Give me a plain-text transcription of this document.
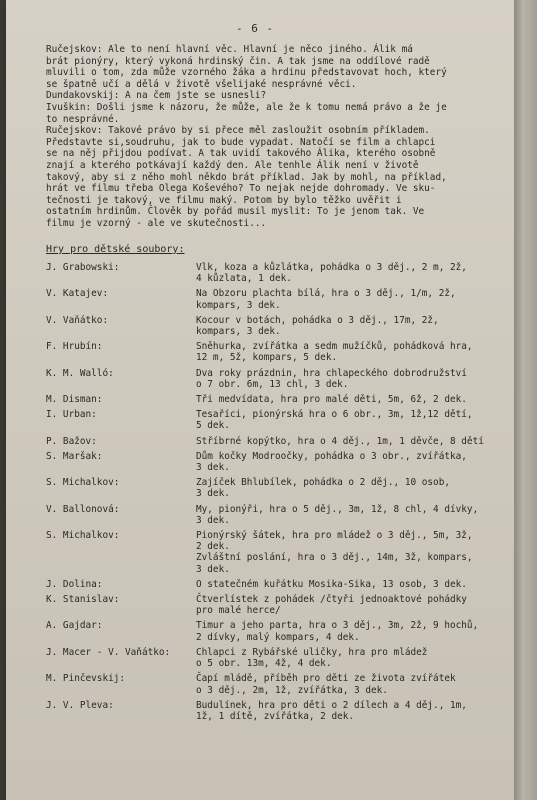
- 6 -
Ručejskov: Ale to není hlavní věc. Hlavní je něco jiného. Álik má
brát pionýry, který vykoná hrdinský čin. A tak jsme na oddílové radě
mluvili o tom, zda může vzorného žáka a hrdinu představovat hoch, který
se špatně učí a dělá v životě všelijaké nesprávné věci.
Dundakovskij: A na čem jste se usnesli?
Ivuškin: Došli jsme k názoru, že může, ale že k tomu nemá právo a že je
to nesprávné.
Ručejskov: Takové právo by si přece měl zasloužit osobním příkladem.
Představte si,soudruhu, jak to bude vypadat. Natočí se film a chlapci
se na něj přijdou podívat. A tak uvidí takového Álika, kterého osobně
znají a kterého potkávají každý den. Ale tenhle Álik není v životě
takový, aby si z něho mohl někdo brát příklad. Jak by mohl, na příklad,
hrát ve filmu třeba Olega Koševého? To nejak nejde dohromady. Ve sku-
tečnosti je takový, ve filmu maký. Potom by bylo těžko uvěřit i
ostatním hrdinům. Člověk by pořád musil myslit: To je jenom tak. Ve
filmu je vzorný - ale ve skutečnosti...
Hry pro dětské soubory:
J. Grabowski:	Vlk, koza a kůzlátka, pohádka o 3 děj., 2 m, 2ž,
4 kůzlata, 1 dek.
V. Katajev:	Na Obzoru plachta bílá, hra o 3 děj., 1/m, 2ž,
kompars, 3 dek.
V. Vaňátko:	Kocour v botách, pohádka o 3 děj., 17m, 2ž,
kompars, 3 dek.
F. Hrubín:	Sněhurka, zvířátka a sedm mužíčků, pohádková hra,
12 m, 5ž, kompars, 5 dek.
K. M. Walló:	Dva roky prázdnin, hra chlapeckého dobrodružství
o 7 obr. 6m, 13 chl, 3 dek.
M. Disman:	Tři medvídata, hra pro malé děti, 5m, 6ž, 2 dek.
I. Urban:	Tesaříci, pionýrská hra o 6 obr., 3m, 1ž,12 dětí,
5 dek.
P. Bažov:	Stříbrné kopýtko, hra o 4 děj., 1m, 1 děvče, 8 dětí
S. Maršak:	Dům kočky Modroočky, pohádka o 3 obr., zvířátka,
3 dek.
S. Michalkov:	Zajíček Bhlubílek, pohádka o 2 děj., 10 osob,
3 dek.
V. Ballonová:	My, pionýři, hra o 5 děj., 3m, 1ž, 8 chl, 4 dívky,
3 dek.
S. Michalkov:	Pionýrský šátek, hra pro mládež o 3 děj., 5m, 3ž,
2 dek.
Zvláštní poslání, hra o 3 děj., 14m, 3ž, kompars,
3 dek.
J. Dolina:	O statečném kuřátku Mosika-Sika, 13 osob, 3 dek.
K. Stanislav:	Čtverlístek z pohádek /čtyři jednoaktové pohádky
pro malé herce/
A. Gajdar:	Timur a jeho parta, hra o 3 děj., 3m, 2ž, 9 hochů,
2 dívky, malý kompars, 4 dek.
J. Macer - V. Vaňátko:	Chlapci z Rybářské uličky, hra pro mládež
o 5 obr. 13m, 4ž, 4 dek.
M. Pinčevskij:	Čapí mládě, příběh pro děti ze života zvířátek
o 3 děj., 2m, 1ž, zvířátka, 3 dek.
J. V. Pleva:	Budulínek, hra pro děti o 2 dílech a 4 děj., 1m,
1ž, 1 dítě, zvířátka, 2 dek.
